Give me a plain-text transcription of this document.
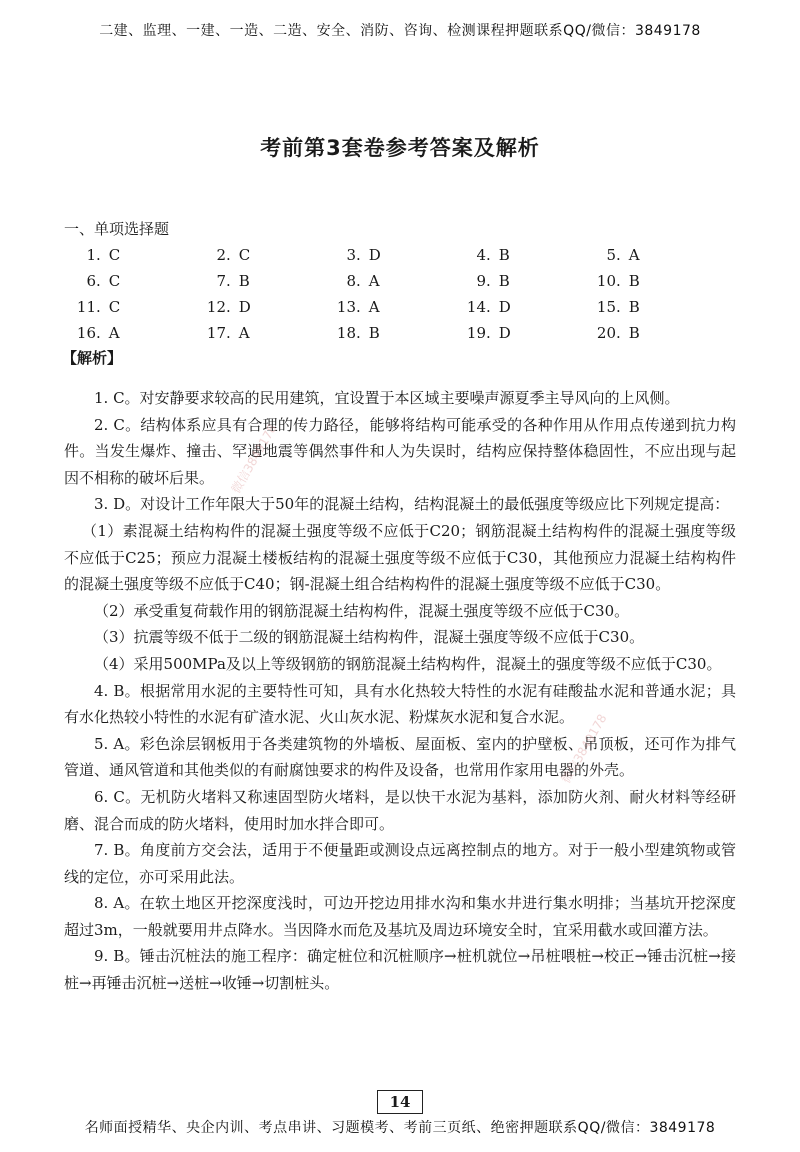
二建、监理、一建、一造、二造、安全、消防、咨询、检测课程押题联系QQ/微信：3849178
考前第3套卷参考答案及解析
一、单项选择题
1. C	2. C	3. D	4. B	5. A
6. C	7. B	8. A	9. B	10. B
11. C	12. D	13. A	14. D	15. B
16. A	17. A	18. B	19. D	20. B
【解析】

1. C。对安静要求较高的民用建筑，宜设置于本区域主要噪声源夏季主导风向的上风侧。

2. C。结构体系应具有合理的传力路径，能够将结构可能承受的各种作用从作用点传递到抗力构件。当发生爆炸、撞击、罕遇地震等偶然事件和人为失误时，结构应保持整体稳固性，不应出现与起因不相称的破坏后果。

3. D。对设计工作年限大于50年的混凝土结构，结构混凝土的最低强度等级应比下列规定提高：

（1）素混凝土结构构件的混凝土强度等级不应低于C20；钢筋混凝土结构构件的混凝土强度等级不应低于C25；预应力混凝土楼板结构的混凝土强度等级不应低于C30，其他预应力混凝土结构构件的混凝土强度等级不应低于C40；钢-混凝土组合结构构件的混凝土强度等级不应低于C30。

（2）承受重复荷载作用的钢筋混凝土结构构件，混凝土强度等级不应低于C30。

（3）抗震等级不低于二级的钢筋混凝土结构构件，混凝土强度等级不应低于C30。

（4）采用500MPa及以上等级钢筋的钢筋混凝土结构构件，混凝土的强度等级不应低于C30。

4. B。根据常用水泥的主要特性可知，具有水化热较大特性的水泥有硅酸盐水泥和普通水泥；具有水化热较小特性的水泥有矿渣水泥、火山灰水泥、粉煤灰水泥和复合水泥。

5. A。彩色涂层钢板用于各类建筑物的外墙板、屋面板、室内的护壁板、吊顶板，还可作为排气管道、通风管道和其他类似的有耐腐蚀要求的构件及设备，也常用作家用电器的外壳。

6. C。无机防火堵料又称速固型防火堵料，是以快干水泥为基料，添加防火剂、耐火材料等经研磨、混合而成的防火堵料，使用时加水拌合即可。

7. B。角度前方交会法，适用于不便量距或测设点远离控制点的地方。对于一般小型建筑物或管线的定位，亦可采用此法。

8. A。在软土地区开挖深度浅时，可边开挖边用排水沟和集水井进行集水明排；当基坑开挖深度超过3m，一般就要用井点降水。当因降水而危及基坑及周边环境安全时，宜采用截水或回灌方法。

9. B。锤击沉桩法的施工程序：确定桩位和沉桩顺序→桩机就位→吊桩喂桩→校正→锤击沉桩→接桩→再锤击沉桩→送桩→收锤→切割桩头。

微信3849178
微信3849178
14
名师面授精华、央企内训、考点串讲、习题模考、考前三页纸、绝密押题联系QQ/微信：3849178
